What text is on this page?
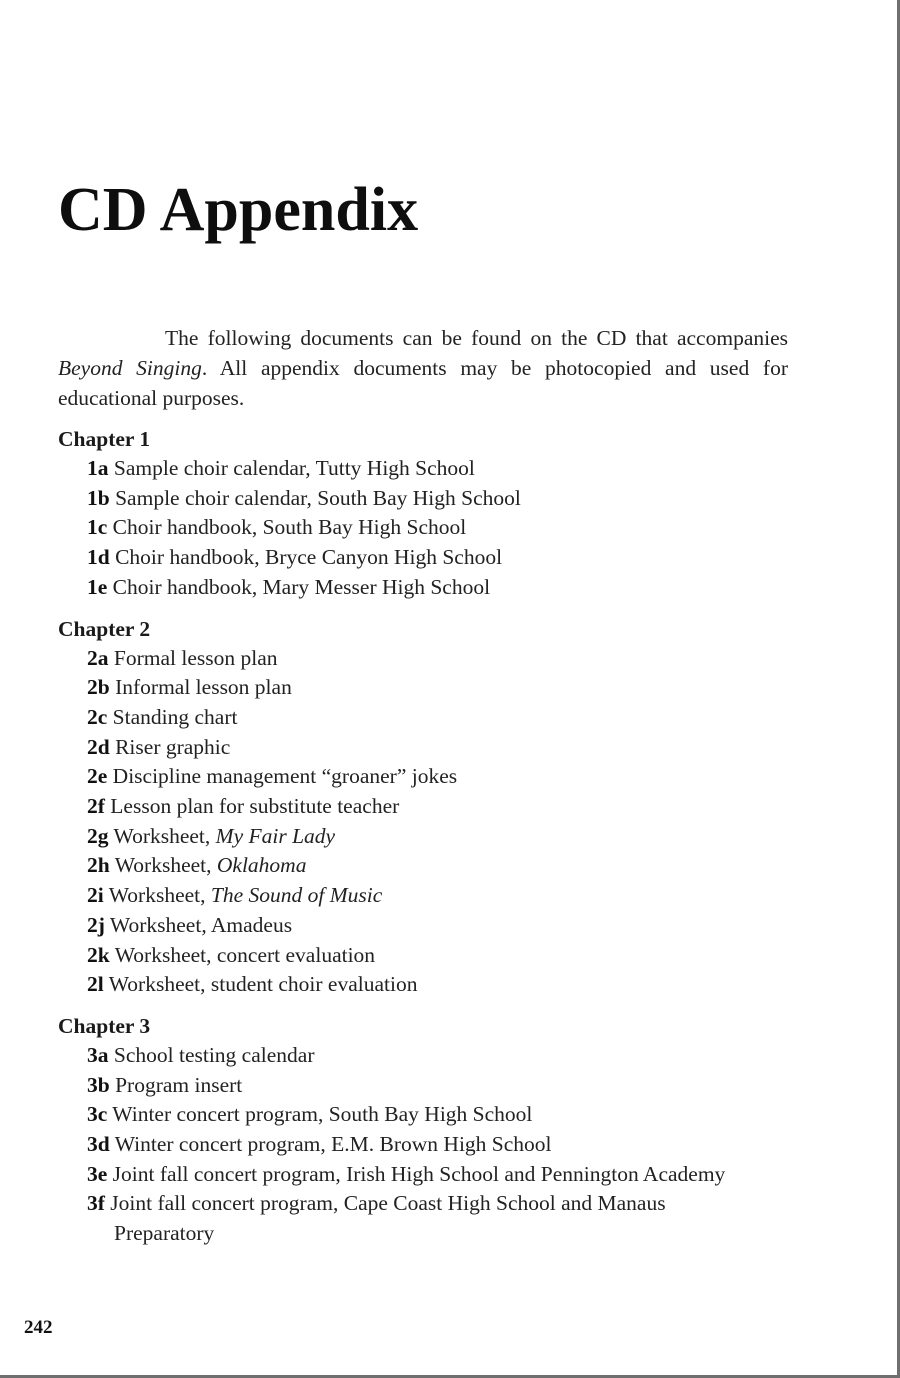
CD Appendix

The following documents can be found on the CD that accompanies Beyond Singing. All appendix documents may be photocopied and used for educational purposes.

Chapter 1
1a Sample choir calendar, Tutty High School
1b Sample choir calendar, South Bay High School
1c Choir handbook, South Bay High School
1d Choir handbook, Bryce Canyon High School
1e Choir handbook, Mary Messer High School
Chapter 2
2a Formal lesson plan
2b Informal lesson plan
2c Standing chart
2d Riser graphic
2e Discipline management “groaner” jokes
2f Lesson plan for substitute teacher
2g Worksheet, My Fair Lady
2h Worksheet, Oklahoma
2i Worksheet, The Sound of Music
2j Worksheet, Amadeus
2k Worksheet, concert evaluation
2l Worksheet, student choir evaluation
Chapter 3
3a School testing calendar
3b Program insert
3c Winter concert program, South Bay High School
3d Winter concert program, E.M. Brown High School
3e Joint fall concert program, Irish High School and Pennington Academy
3f Joint fall concert program, Cape Coast High School and Manaus Preparatory
242
